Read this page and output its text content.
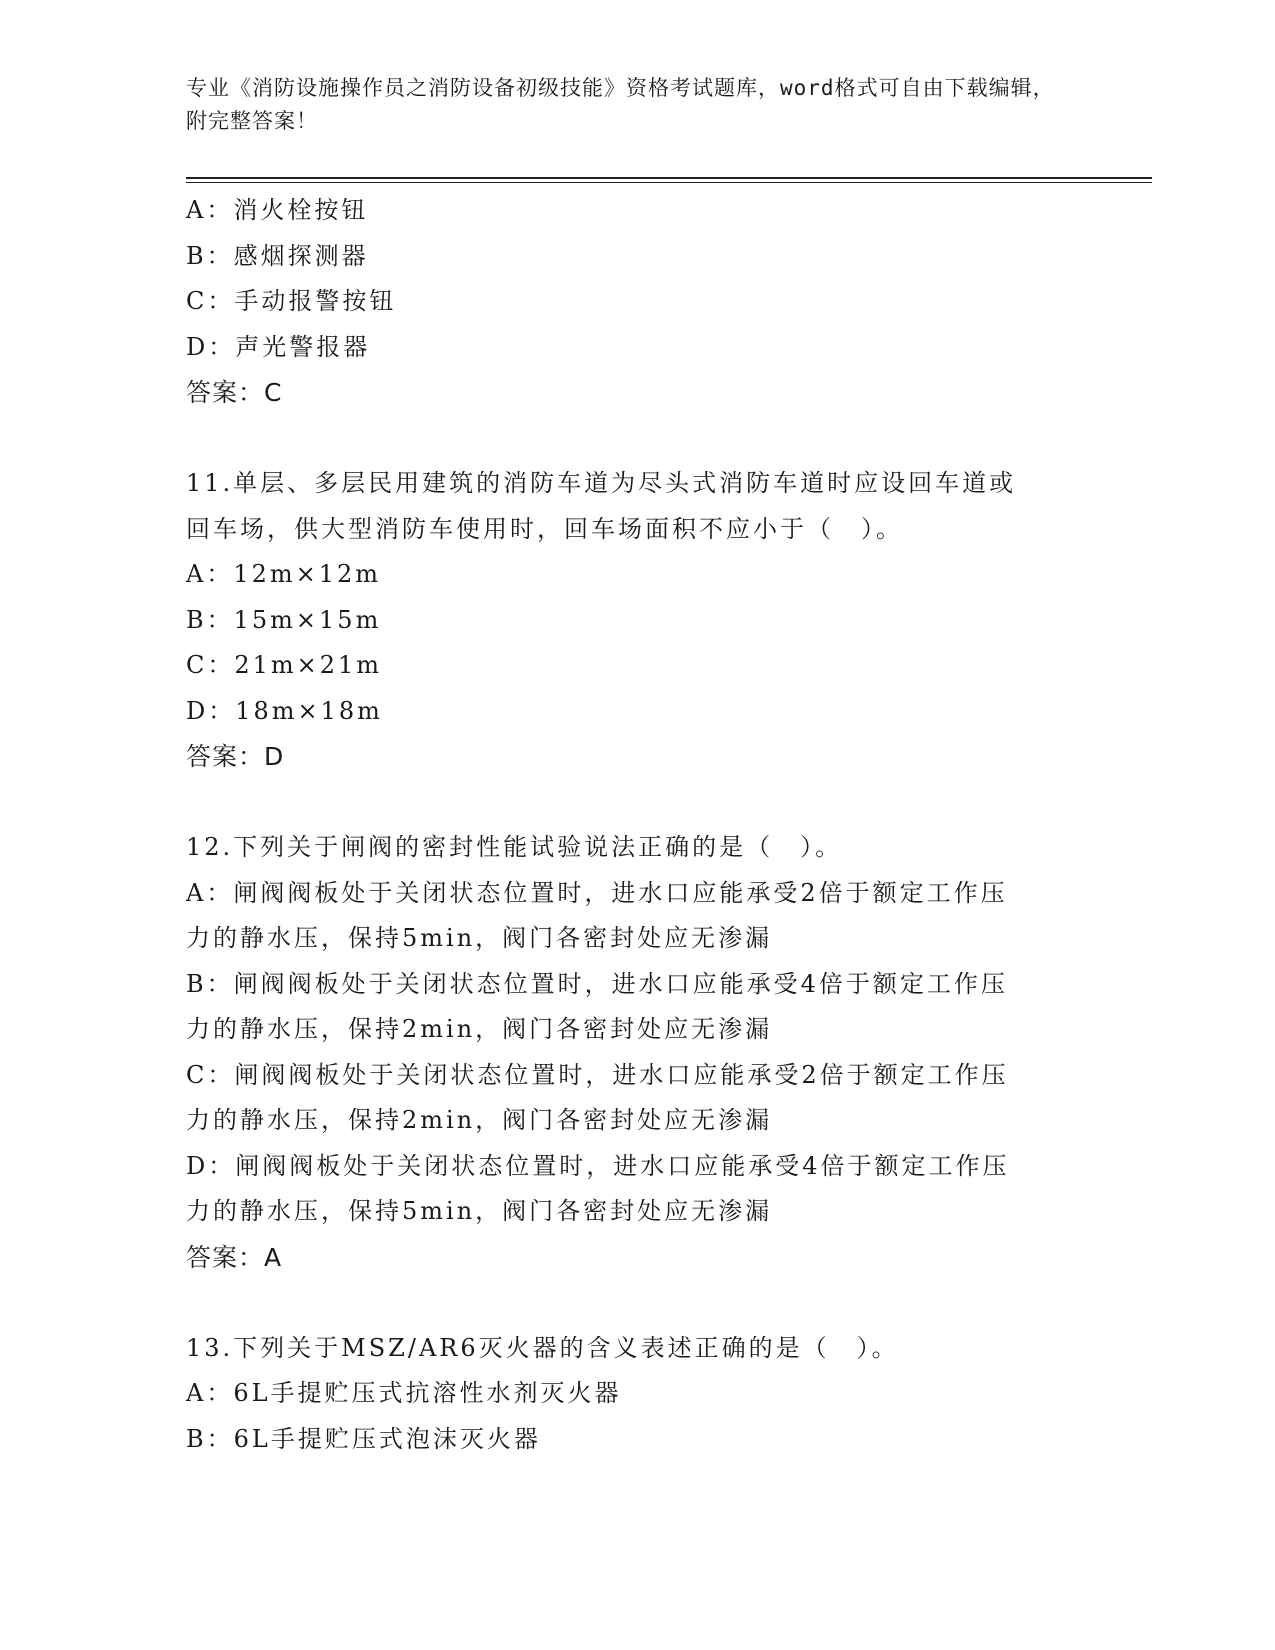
专业《消防设施操作员之消防设备初级技能》资格考试题库，word格式可自由下载编辑，附完整答案！
A：消火栓按钮
B：感烟探测器
C：手动报警按钮
D：声光警报器
答案：C
11.单层、多层民用建筑的消防车道为尽头式消防车道时应设回车道或
回车场，供大型消防车使用时，回车场面积不应小于（　）。
A：12m×12m
B：15m×15m
C：21m×21m
D：18m×18m
答案：D
12.下列关于闸阀的密封性能试验说法正确的是（　）。
A：闸阀阀板处于关闭状态位置时，进水口应能承受2倍于额定工作压
力的静水压，保持5min，阀门各密封处应无渗漏
B：闸阀阀板处于关闭状态位置时，进水口应能承受4倍于额定工作压
力的静水压，保持2min，阀门各密封处应无渗漏
C：闸阀阀板处于关闭状态位置时，进水口应能承受2倍于额定工作压
力的静水压，保持2min，阀门各密封处应无渗漏
D：闸阀阀板处于关闭状态位置时，进水口应能承受4倍于额定工作压
力的静水压，保持5min，阀门各密封处应无渗漏
答案：A
13.下列关于MSZ/AR6灭火器的含义表述正确的是（　）。
A：6L手提贮压式抗溶性水剂灭火器
B：6L手提贮压式泡沫灭火器
